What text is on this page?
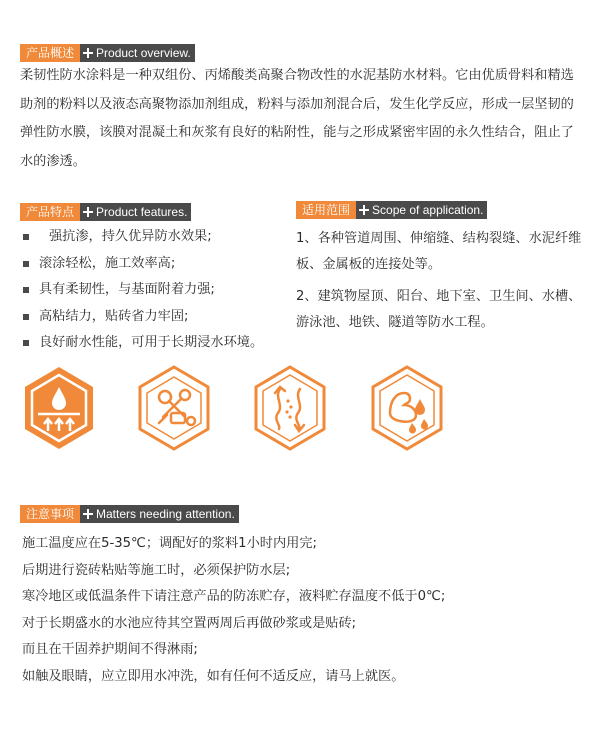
产品概述	Product overview.
柔韧性防水涂料是一种双组份、丙烯酸类高聚合物改性的水泥基防水材料。它由优质骨料和精选助剂的粉料以及液态高聚物添加剂组成，粉料与添加剂混合后，发生化学反应，形成一层坚韧的弹性防水膜，该膜对混凝土和灰浆有良好的粘附性，能与之形成紧密牢固的永久性结合，阻止了水的渗透。
产品特点	Product features.
强抗渗，持久优异防水效果;
滚涂轻松，施工效率高;
具有柔韧性，与基面附着力强;
高粘结力，贴砖省力牢固;
良好耐水性能，可用于长期浸水环境。
适用范围	Scope of application.
1、各种管道周围、伸缩缝、结构裂缝、水泥纤维板、金属板的连接处等。
2、建筑物屋顶、阳台、地下室、卫生间、水槽、游泳池、地铁、隧道等防水工程。
注意事项	Matters needing attention.
施工温度应在5-35℃；调配好的浆料1小时内用完;
后期进行瓷砖粘贴等施工时，必须保护防水层;
寒冷地区或低温条件下请注意产品的防冻贮存，液料贮存温度不低于0℃;
对于长期盛水的水池应待其空置两周后再做砂浆或是贴砖;
而且在干固养护期间不得淋雨;
如触及眼睛，应立即用水冲洗，如有任何不适反应，请马上就医。
